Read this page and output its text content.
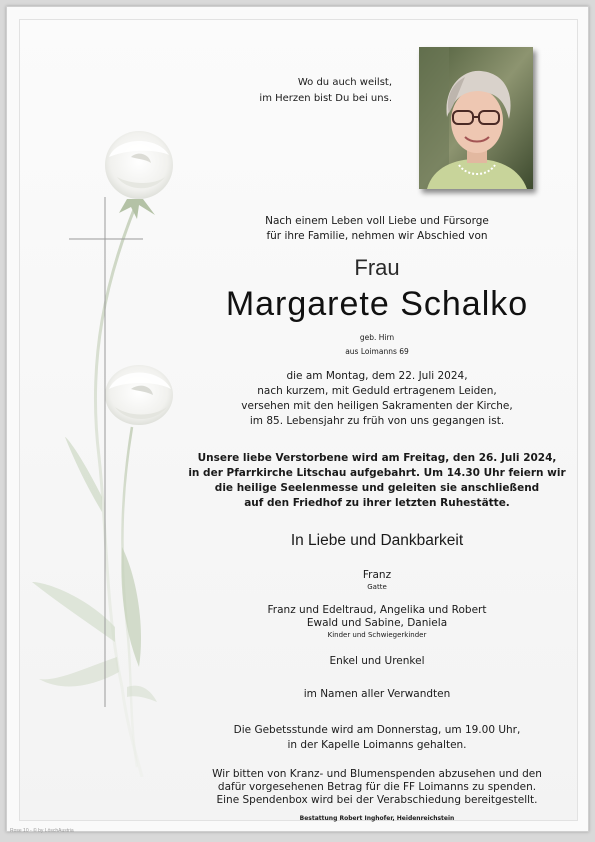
Wo du auch weilst,
im Herzen bist Du bei uns.
Nach einem Leben voll Liebe und Fürsorge
für ihre Familie, nehmen wir Abschied von
Frau
Margarete Schalko
geb. Hirn
aus Loimanns 69
die am Montag, dem 22. Juli 2024,
nach kurzem, mit Geduld ertragenem Leiden,
versehen mit den heiligen Sakramenten der Kirche,
im 85. Lebensjahr zu früh von uns gegangen ist.
Unsere liebe Verstorbene wird am Freitag, den 26. Juli 2024,
in der Pfarrkirche Litschau aufgebahrt. Um 14.30 Uhr feiern wir
die heilige Seelenmesse und geleiten sie anschließend
auf den Friedhof zu ihrer letzten Ruhestätte.
In Liebe und Dankbarkeit
Franz
Gatte
Franz und Edeltraud, Angelika und Robert
Ewald und Sabine, Daniela
Kinder und Schwiegerkinder
Enkel und Urenkel
im Namen aller Verwandten
Die Gebetsstunde wird am Donnerstag, um 19.00 Uhr,
in der Kapelle Loimanns gehalten.
Wir bitten von Kranz- und Blumenspenden abzusehen und den
dafür vorgesehenen Betrag für die FF Loimanns zu spenden.
Eine Spendenbox wird bei der Verabschiedung bereitgestellt.
Bestattung Robert Inghofer, Heidenreichstein
Rose 10 - © by LöschAustria
